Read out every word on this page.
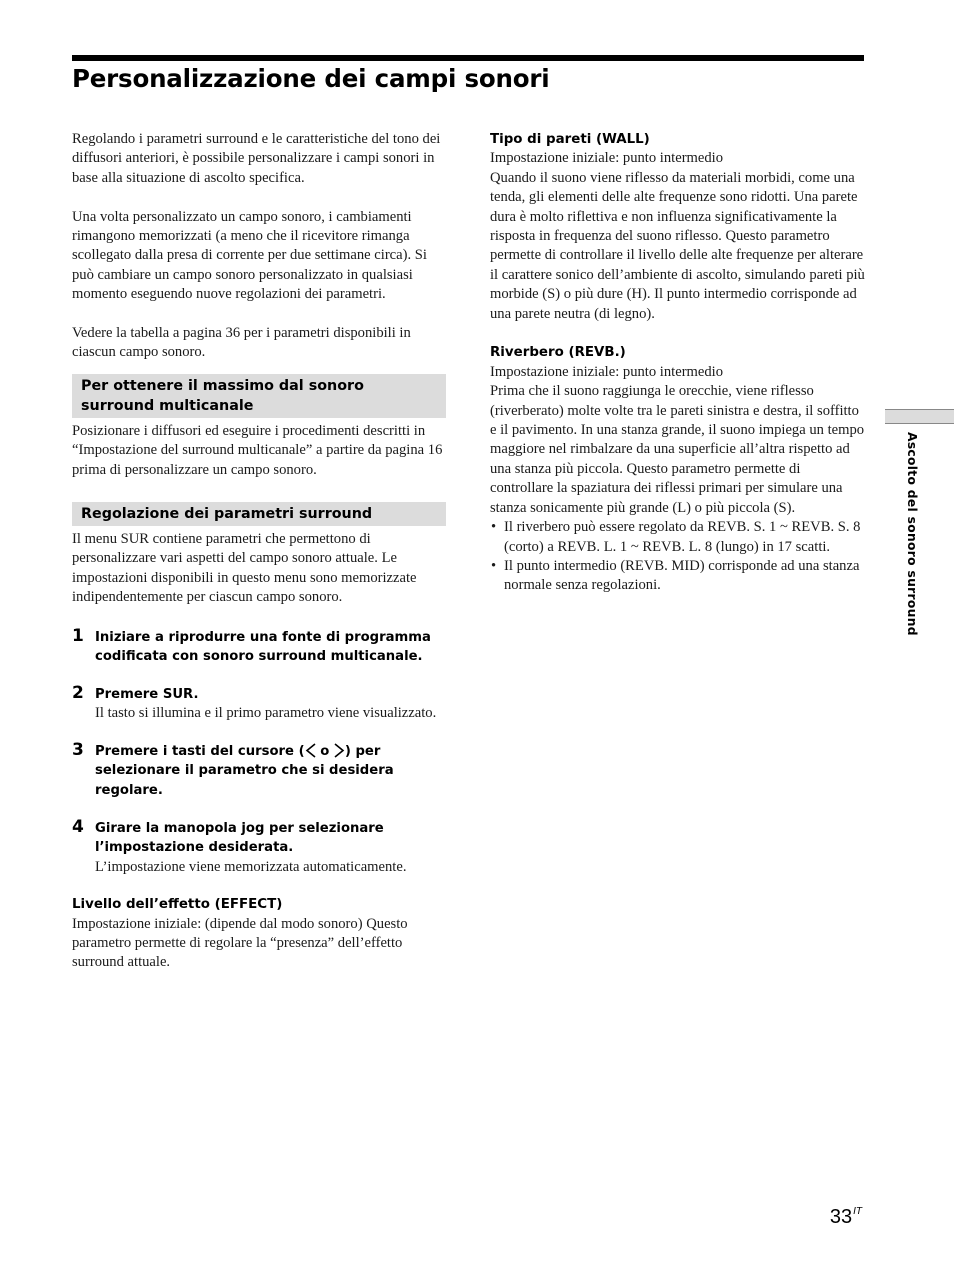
Personalizzazione dei campi sonori

Regolando i parametri surround e le caratteristiche del tono dei diffusori anteriori, è possibile personalizzare i campi sonori in base alla situazione di ascolto specifica.

Una volta personalizzato un campo sonoro, i cambiamenti rimangono memorizzati (a meno che il ricevitore rimanga scollegato dalla presa di corrente per due settimane circa). Si può cambiare un campo sonoro personalizzato in qualsiasi momento eseguendo nuove regolazioni dei parametri.

Vedere la tabella a pagina 36 per i parametri disponibili in ciascun campo sonoro.

Per ottenere il massimo dal sonoro surround multicanale

Posizionare i diffusori ed eseguire i procedimenti descritti in “Impostazione del surround multicanale” a partire da pagina 16 prima di personalizzare un campo sonoro.

Regolazione dei parametri surround

Il menu SUR contiene parametri che permettono di personalizzare vari aspetti del campo sonoro attuale. Le impostazioni disponibili in questo menu sono memorizzate indipendentemente per ciascun campo sonoro.

1 Iniziare a riprodurre una fonte di programma codificata con sonoro surround multicanale.
2 Premere SUR.

Il tasto si illumina e il primo parametro viene visualizzato.

3 Premere i tasti del cursore ( o ) per selezionare il parametro che si desidera regolare.
4 Girare la manopola jog per selezionare l’impostazione desiderata.

L’impostazione viene memorizzata automaticamente.

Livello dell’effetto (EFFECT)

Impostazione iniziale: (dipende dal modo sonoro) Questo parametro permette di regolare la “presenza” dell’effetto surround attuale.

Tipo di pareti (WALL)

Impostazione iniziale: punto intermedio

Quando il suono viene riflesso da materiali morbidi, come una tenda, gli elementi delle alte frequenze sono ridotti. Una parete dura è molto riflettiva e non influenza significativamente la risposta in frequenza del suono riflesso. Questo parametro permette di controllare il livello delle alte frequenze per alterare il carattere sonico dell’ambiente di ascolto, simulando pareti più morbide (S) o più dure (H). Il punto intermedio corrisponde ad una parete neutra (di legno).

Riverbero (REVB.)

Impostazione iniziale: punto intermedio

Prima che il suono raggiunga le orecchie, viene riflesso (riverberato) molte volte tra le pareti sinistra e destra, il soffitto e il pavimento. In una stanza grande, il suono impiega un tempo maggiore nel rimbalzare da una superficie all’altra rispetto ad una stanza più piccola. Questo parametro permette di controllare la spaziatura dei riflessi primari per simulare una stanza sonicamente più grande (L) o più piccola (S).

• Il riverbero può essere regolato da REVB. S. 1 ~ REVB. S. 8 (corto) a REVB. L. 1 ~ REVB. L. 8 (lungo) in 17 scatti.
• Il punto intermedio (REVB. MID) corrisponde ad una stanza normale senza regolazioni.	Ascolto del sonoro surround
$33^{IT}$
